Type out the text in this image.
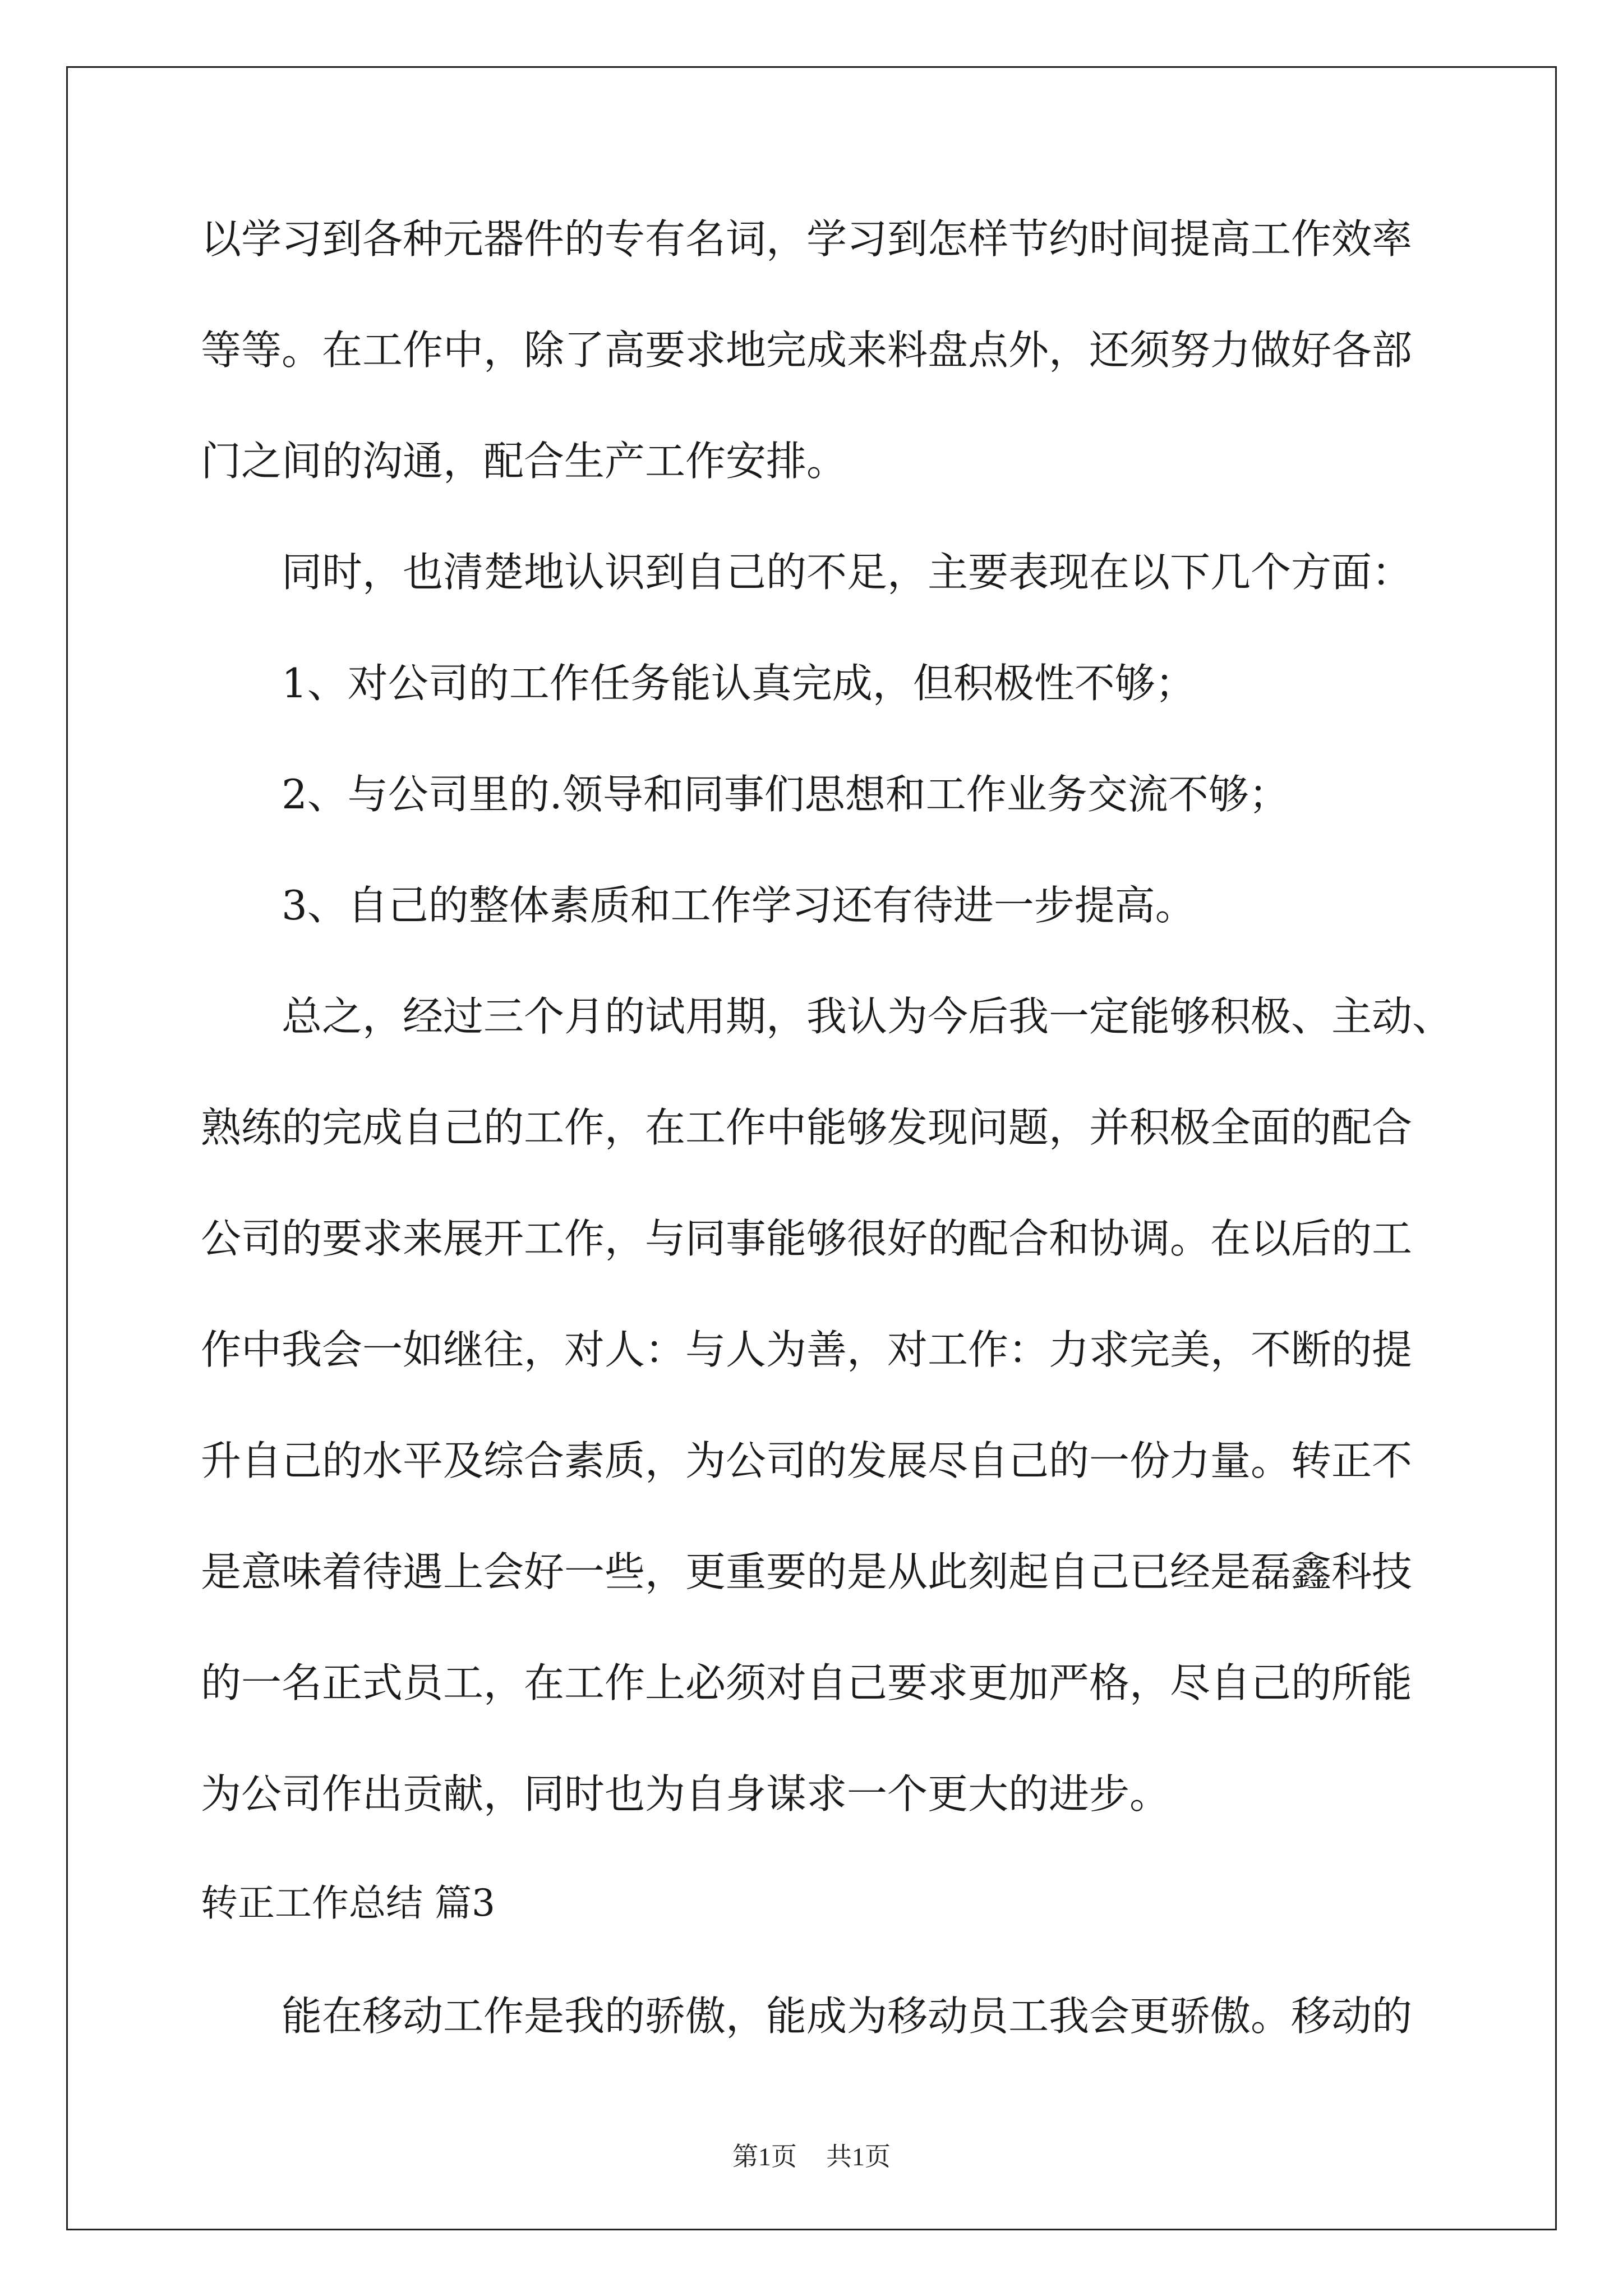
以学习到各种元器件的专有名词，学习到怎样节约时间提高工作效率
等等。在工作中，除了高要求地完成来料盘点外，还须努力做好各部
门之间的沟通，配合生产工作安排。
同时，也清楚地认识到自己的不足，主要表现在以下几个方面：
1、对公司的工作任务能认真完成，但积极性不够；
2、与公司里的.领导和同事们思想和工作业务交流不够；
3、自己的整体素质和工作学习还有待进一步提高。
总之，经过三个月的试用期，我认为今后我一定能够积极、主动、
熟练的完成自己的工作，在工作中能够发现问题，并积极全面的配合
公司的要求来展开工作，与同事能够很好的配合和协调。在以后的工
作中我会一如继往，对人：与人为善，对工作：力求完美，不断的提
升自己的水平及综合素质，为公司的发展尽自己的一份力量。转正不
是意味着待遇上会好一些，更重要的是从此刻起自己已经是磊鑫科技
的一名正式员工，在工作上必须对自己要求更加严格，尽自己的所能
为公司作出贡献，同时也为自身谋求一个更大的进步。
转正工作总结 篇3
能在移动工作是我的骄傲，能成为移动员工我会更骄傲。移动的
第1页 共1页
